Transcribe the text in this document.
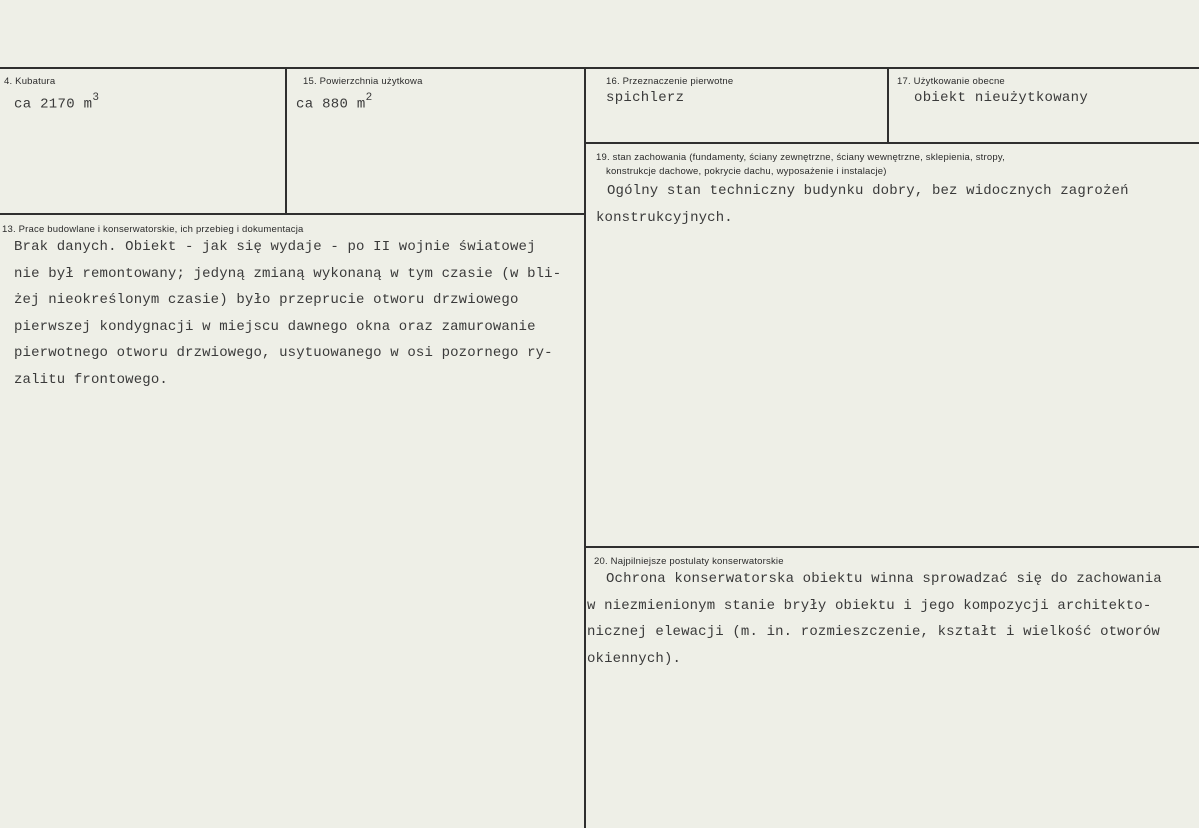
4. Kubatura
ca 2170 $m^3$
15. Powierzchnia użytkowa
ca 880 $m^2$
16. Przeznaczenie pierwotne
spichlerz
17. Użytkowanie obecne
obiekt nieużytkowany
13. Prace budowlane i konserwatorskie, ich przebieg i dokumentacja
Brak danych. Obiekt - jak się wydaje - po II wojnie światowej
nie był remontowany; jedyną zmianą wykonaną w tym czasie (w bli-
żej nieokreślonym czasie) było przeprucie otworu drzwiowego
pierwszej kondygnacji w miejscu dawnego okna oraz zamurowanie
pierwotnego otworu drzwiowego, usytuowanego w osi pozornego ry-
zalitu frontowego.
19. stan zachowania (fundamenty, ściany zewnętrzne, ściany wewnętrzne, sklepienia, stropy,
konstrukcje dachowe, pokrycie dachu, wyposażenie i instalacje)
Ogólny stan techniczny budynku dobry, bez widocznych zagrożeń
konstrukcyjnych.
20. Najpilniejsze postulaty konserwatorskie
Ochrona konserwatorska obiektu winna sprowadzać się do zachowania
w niezmienionym stanie bryły obiektu i jego kompozycji architekto-
nicznej elewacji (m. in. rozmieszczenie, kształt i wielkość otworów
okiennych).
